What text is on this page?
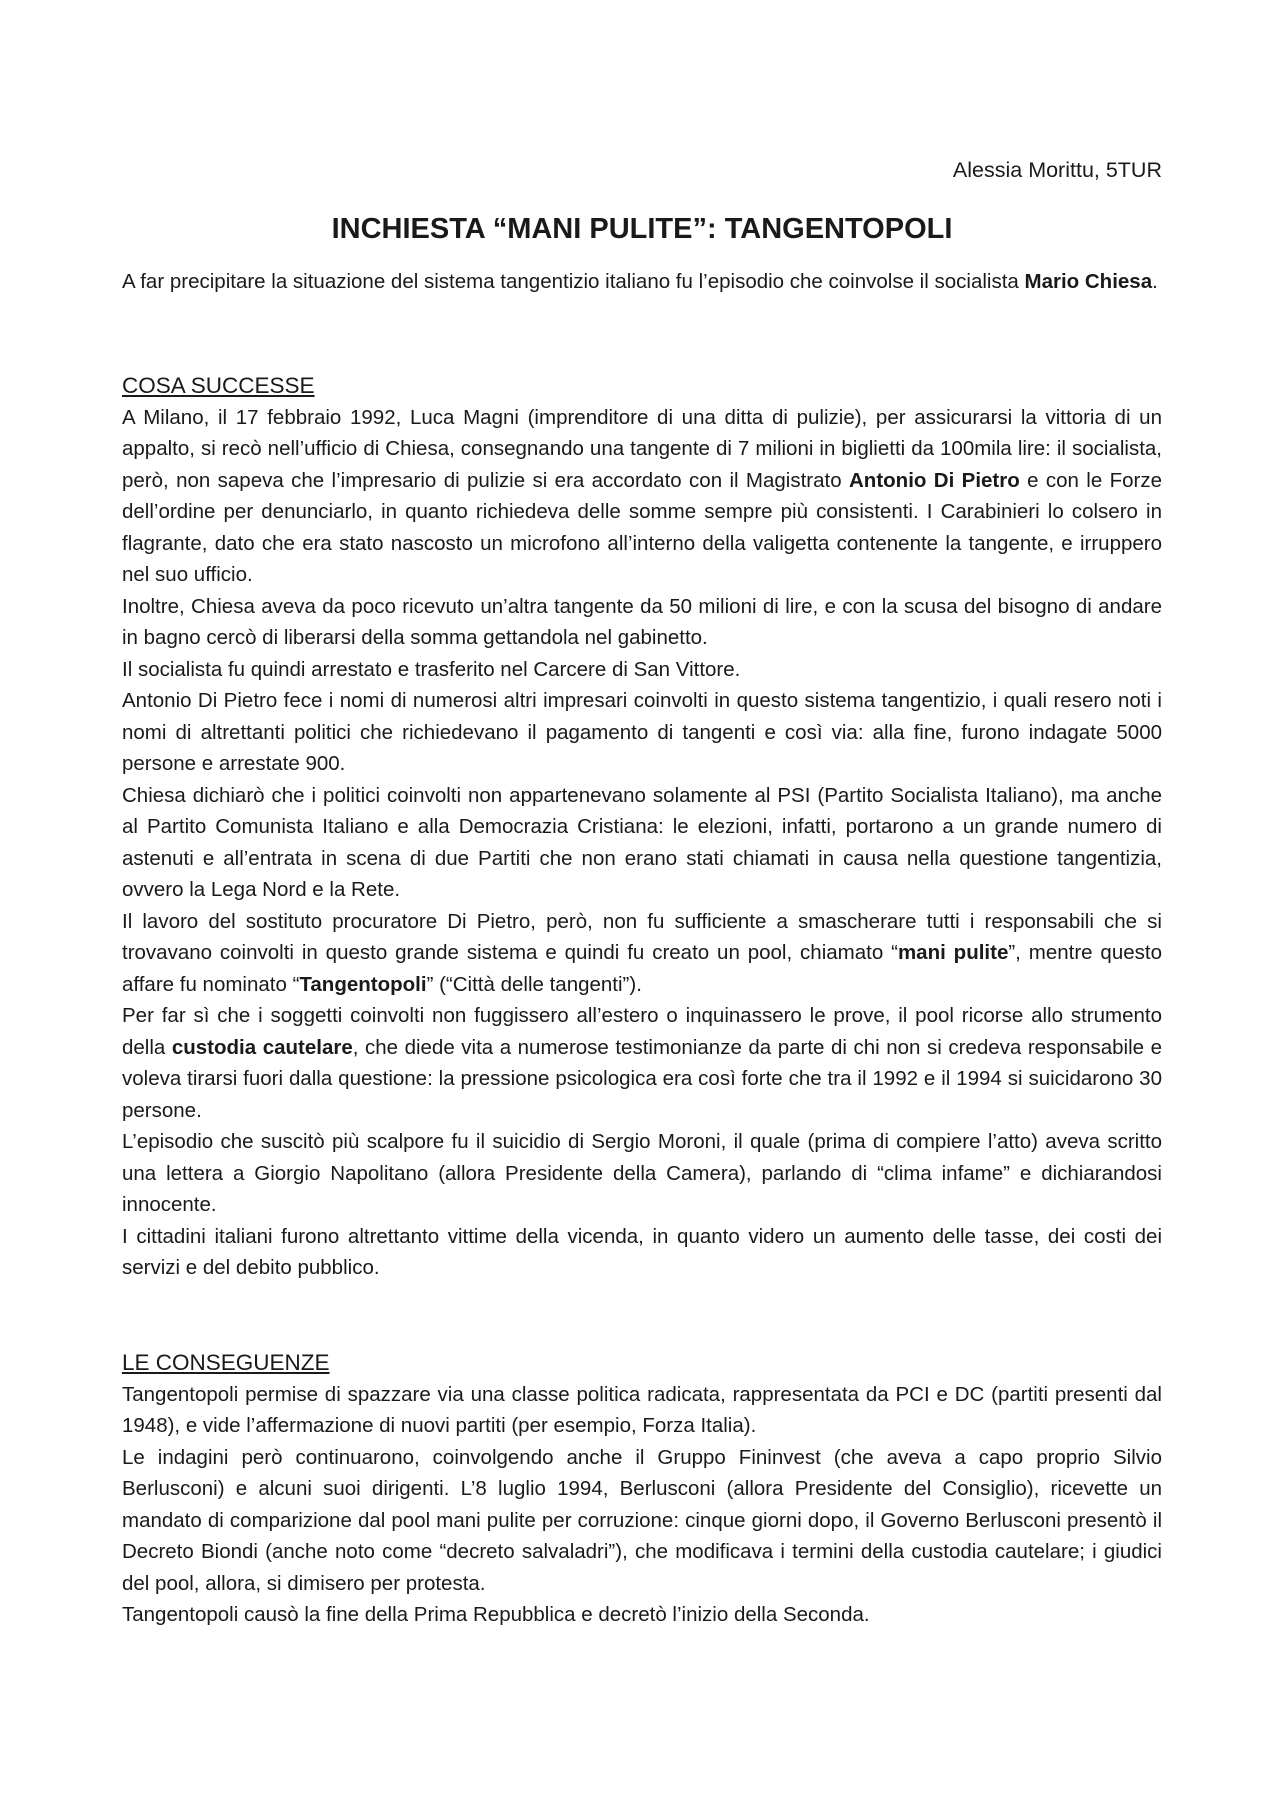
Alessia Morittu, 5TUR
INCHIESTA “MANI PULITE”: TANGENTOPOLI
A far precipitare la situazione del sistema tangentizio italiano fu l’episodio che coinvolse il socialista Mario Chiesa.
COSA SUCCESSE

A Milano, il 17 febbraio 1992, Luca Magni (imprenditore di una ditta di pulizie), per assicurarsi la vittoria di un appalto, si recò nell’ufficio di Chiesa, consegnando una tangente di 7 milioni in biglietti da 100mila lire: il socialista, però, non sapeva che l’impresario di pulizie si era accordato con il Magistrato Antonio Di Pietro e con le Forze dell’ordine per denunciarlo, in quanto richiedeva delle somme sempre più consistenti. I Carabinieri lo colsero in flagrante, dato che era stato nascosto un microfono all’interno della valigetta contenente la tangente, e irruppero nel suo ufficio.

Inoltre, Chiesa aveva da poco ricevuto un’altra tangente da 50 milioni di lire, e con la scusa del bisogno di andare in bagno cercò di liberarsi della somma gettandola nel gabinetto.

Il socialista fu quindi arrestato e trasferito nel Carcere di San Vittore.

Antonio Di Pietro fece i nomi di numerosi altri impresari coinvolti in questo sistema tangentizio, i quali resero noti i nomi di altrettanti politici che richiedevano il pagamento di tangenti e così via: alla fine, furono indagate 5000 persone e arrestate 900.

Chiesa dichiarò che i politici coinvolti non appartenevano solamente al PSI (Partito Socialista Italiano), ma anche al Partito Comunista Italiano e alla Democrazia Cristiana: le elezioni, infatti, portarono a un grande numero di astenuti e all’entrata in scena di due Partiti che non erano stati chiamati in causa nella questione tangentizia, ovvero la Lega Nord e la Rete.

Il lavoro del sostituto procuratore Di Pietro, però, non fu sufficiente a smascherare tutti i responsabili che si trovavano coinvolti in questo grande sistema e quindi fu creato un pool, chiamato “mani pulite”, mentre questo affare fu nominato “Tangentopoli” (“Città delle tangenti”).

Per far sì che i soggetti coinvolti non fuggissero all’estero o inquinassero le prove, il pool ricorse allo strumento della custodia cautelare, che diede vita a numerose testimonianze da parte di chi non si credeva responsabile e voleva tirarsi fuori dalla questione: la pressione psicologica era così forte che tra il 1992 e il 1994 si suicidarono 30 persone.

L’episodio che suscitò più scalpore fu il suicidio di Sergio Moroni, il quale (prima di compiere l’atto) aveva scritto una lettera a Giorgio Napolitano (allora Presidente della Camera), parlando di “clima infame” e dichiarandosi innocente.

I cittadini italiani furono altrettanto vittime della vicenda, in quanto videro un aumento delle tasse, dei costi dei servizi e del debito pubblico.

LE CONSEGUENZE

Tangentopoli permise di spazzare via una classe politica radicata, rappresentata da PCI e DC (partiti presenti dal 1948), e vide l’affermazione di nuovi partiti (per esempio, Forza Italia).

Le indagini però continuarono, coinvolgendo anche il Gruppo Fininvest (che aveva a capo proprio Silvio Berlusconi) e alcuni suoi dirigenti. L’8 luglio 1994, Berlusconi (allora Presidente del Consiglio), ricevette un mandato di comparizione dal pool mani pulite per corruzione: cinque giorni dopo, il Governo Berlusconi presentò il Decreto Biondi (anche noto come “decreto salvaladri”), che modificava i termini della custodia cautelare; i giudici del pool, allora, si dimisero per protesta.

Tangentopoli causò la fine della Prima Repubblica e decretò l’inizio della Seconda.
